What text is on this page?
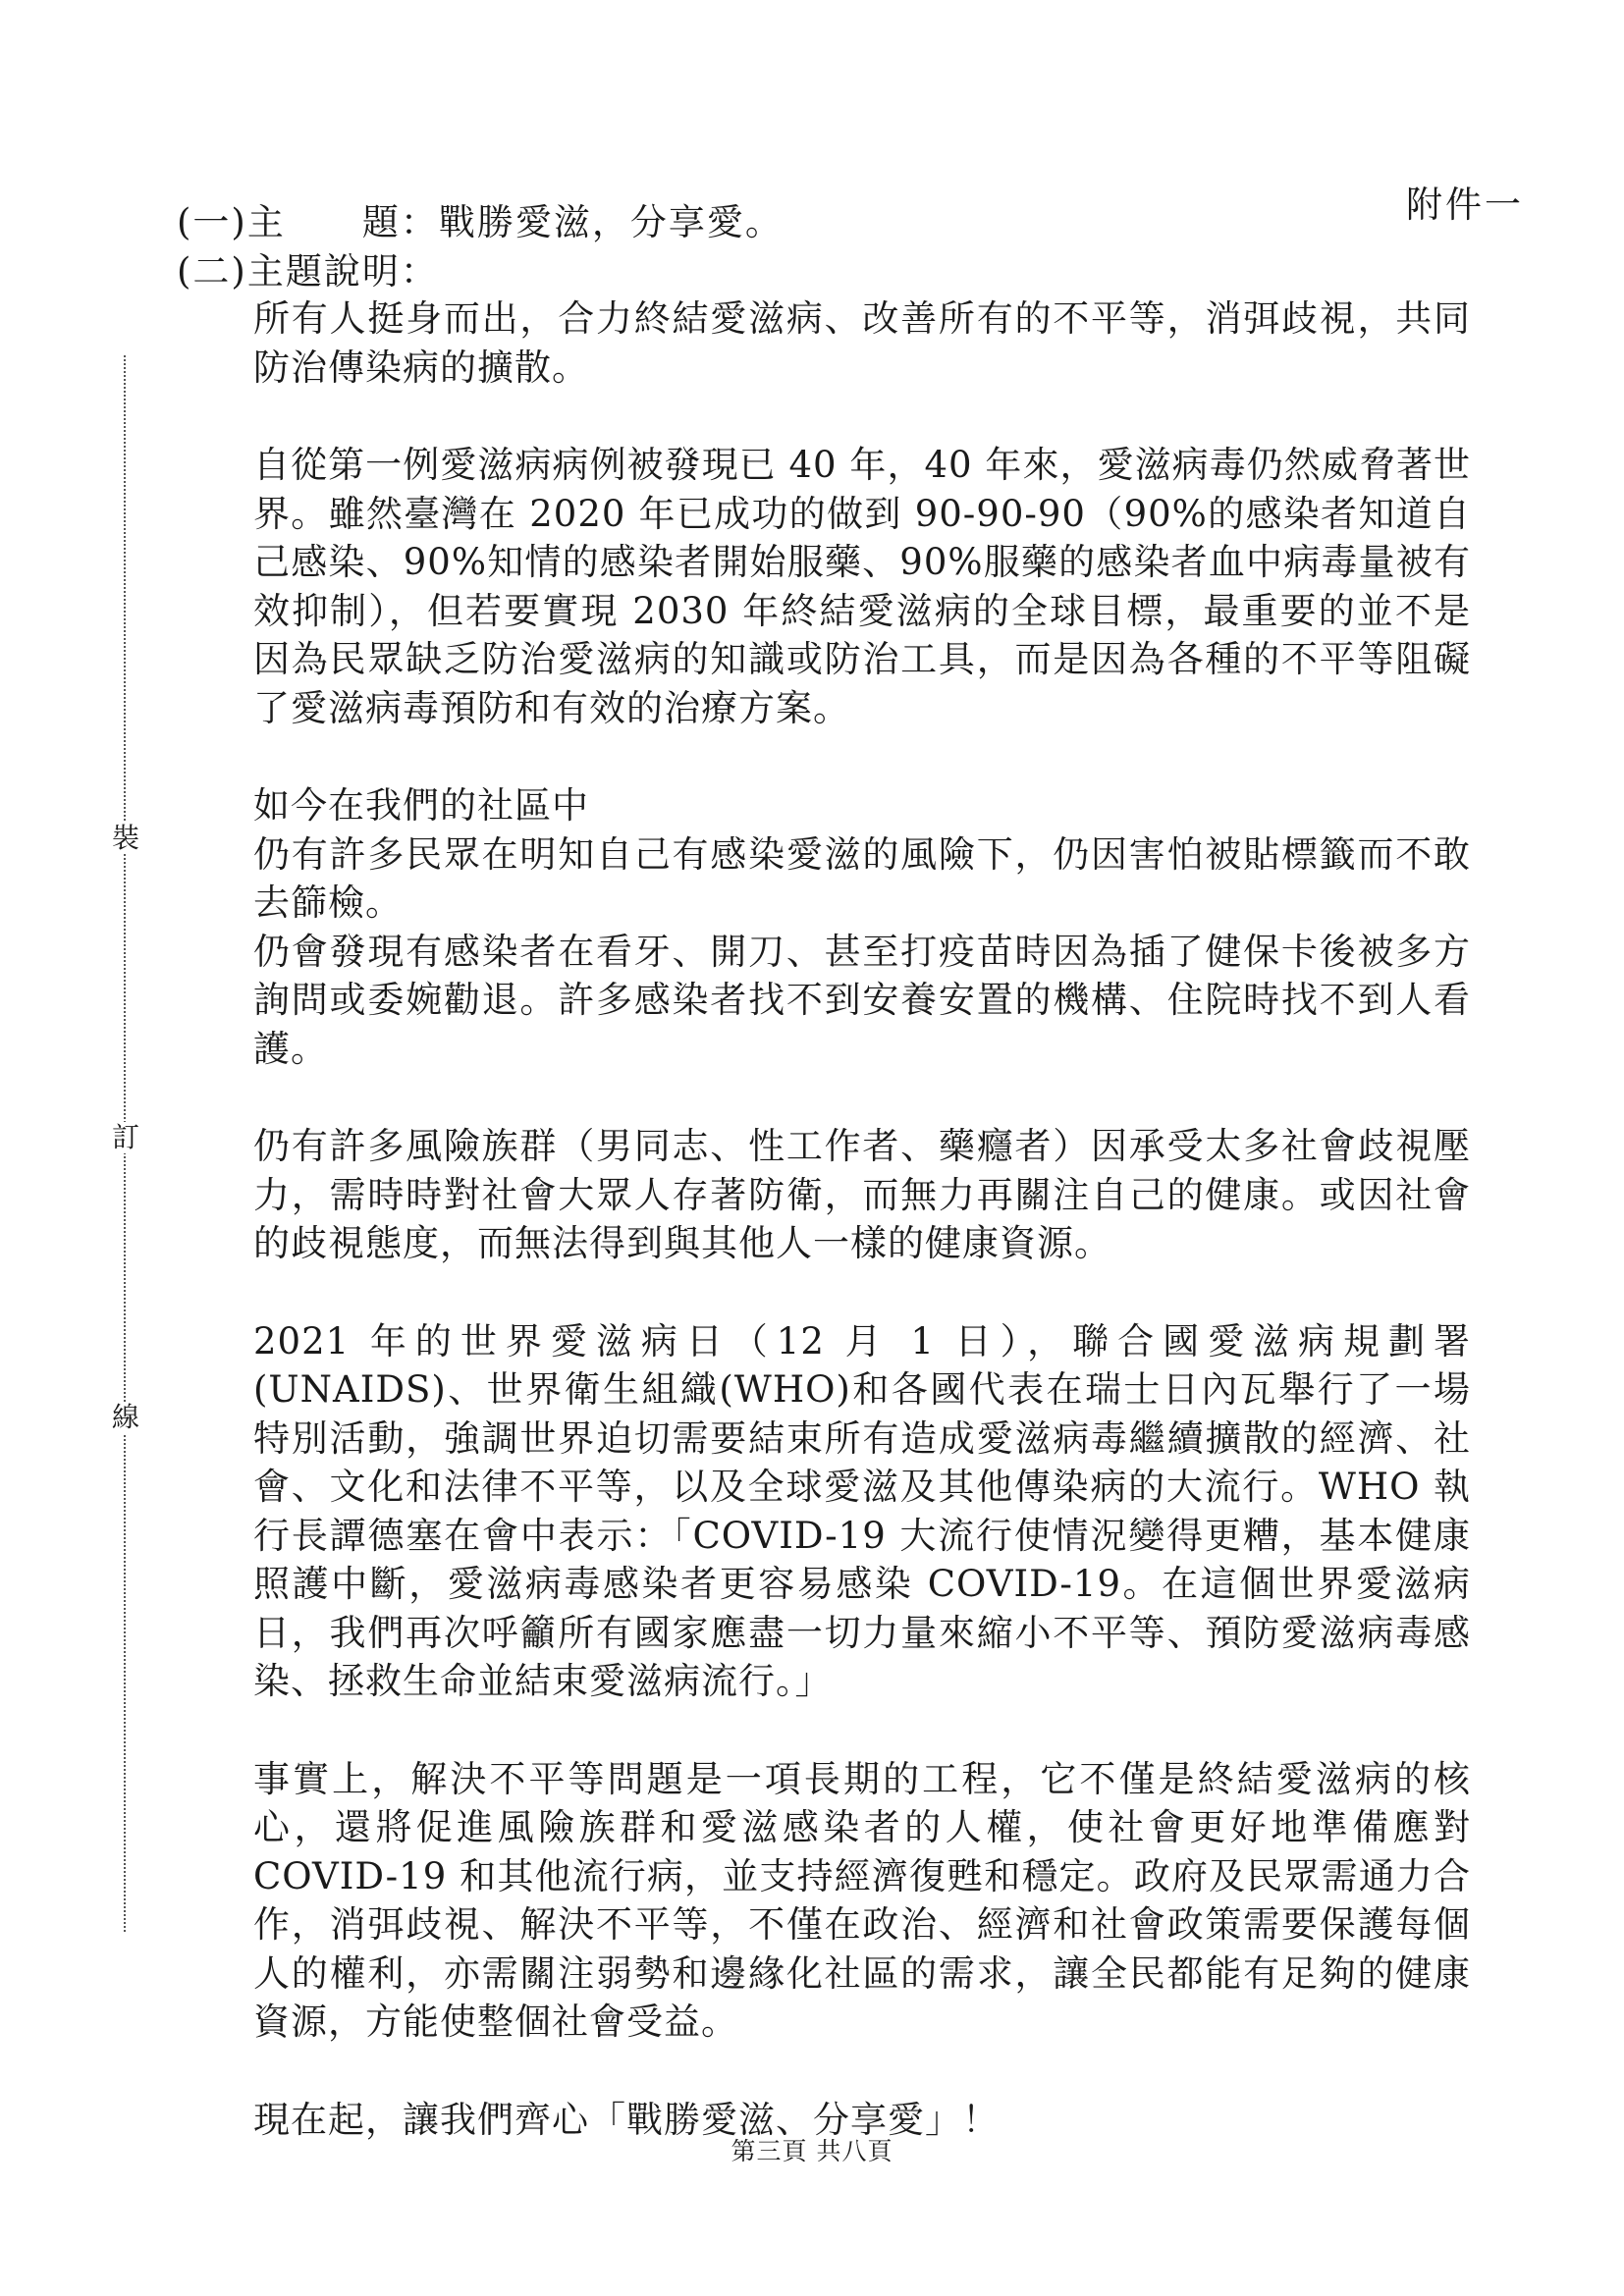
附件一
(一)主　　題：戰勝愛滋，分享愛。
(二)主題說明：
裝
訂
線

所有人挺身而出，合力終結愛滋病、改善所有的不平等，消弭歧視，共同防治傳染病的擴散。

自從第一例愛滋病病例被發現已 40 年，40 年來，愛滋病毒仍然威脅著世界。雖然臺灣在 2020 年已成功的做到 90-90-90（90%的感染者知道自己感染、90%知情的感染者開始服藥、90%服藥的感染者血中病毒量被有效抑制），但若要實現 2030 年終結愛滋病的全球目標，最重要的並不是因為民眾缺乏防治愛滋病的知識或防治工具，而是因為各種的不平等阻礙了愛滋病毒預防和有效的治療方案。

如今在我們的社區中

仍有許多民眾在明知自己有感染愛滋的風險下，仍因害怕被貼標籤而不敢去篩檢。

仍會發現有感染者在看牙、開刀、甚至打疫苗時因為插了健保卡後被多方詢問或委婉勸退。許多感染者找不到安養安置的機構、住院時找不到人看護。

仍有許多風險族群（男同志、性工作者、藥癮者）因承受太多社會歧視壓力，需時時對社會大眾人存著防衛，而無力再關注自己的健康。或因社會的歧視態度，而無法得到與其他人一樣的健康資源。

2021 年的世界愛滋病日（12 月 1 日），聯合國愛滋病規劃署(UNAIDS)、世界衛生組織(WHO)和各國代表在瑞士日內瓦舉行了一場特別活動，強調世界迫切需要結束所有造成愛滋病毒繼續擴散的經濟、社會、文化和法律不平等，以及全球愛滋及其他傳染病的大流行。WHO 執行長譚德塞在會中表示：「COVID-19 大流行使情況變得更糟，基本健康照護中斷，愛滋病毒感染者更容易感染 COVID-19。在這個世界愛滋病日，我們再次呼籲所有國家應盡一切力量來縮小不平等、預防愛滋病毒感染、拯救生命並結束愛滋病流行。」

事實上，解決不平等問題是一項長期的工程，它不僅是終結愛滋病的核心，還將促進風險族群和愛滋感染者的人權，使社會更好地準備應對 COVID-19 和其他流行病，並支持經濟復甦和穩定。政府及民眾需通力合作，消弭歧視、解決不平等，不僅在政治、經濟和社會政策需要保護每個人的權利，亦需關注弱勢和邊緣化社區的需求，讓全民都能有足夠的健康資源，方能使整個社會受益。

現在起，讓我們齊心「戰勝愛滋、分享愛」！

第三頁 共八頁
